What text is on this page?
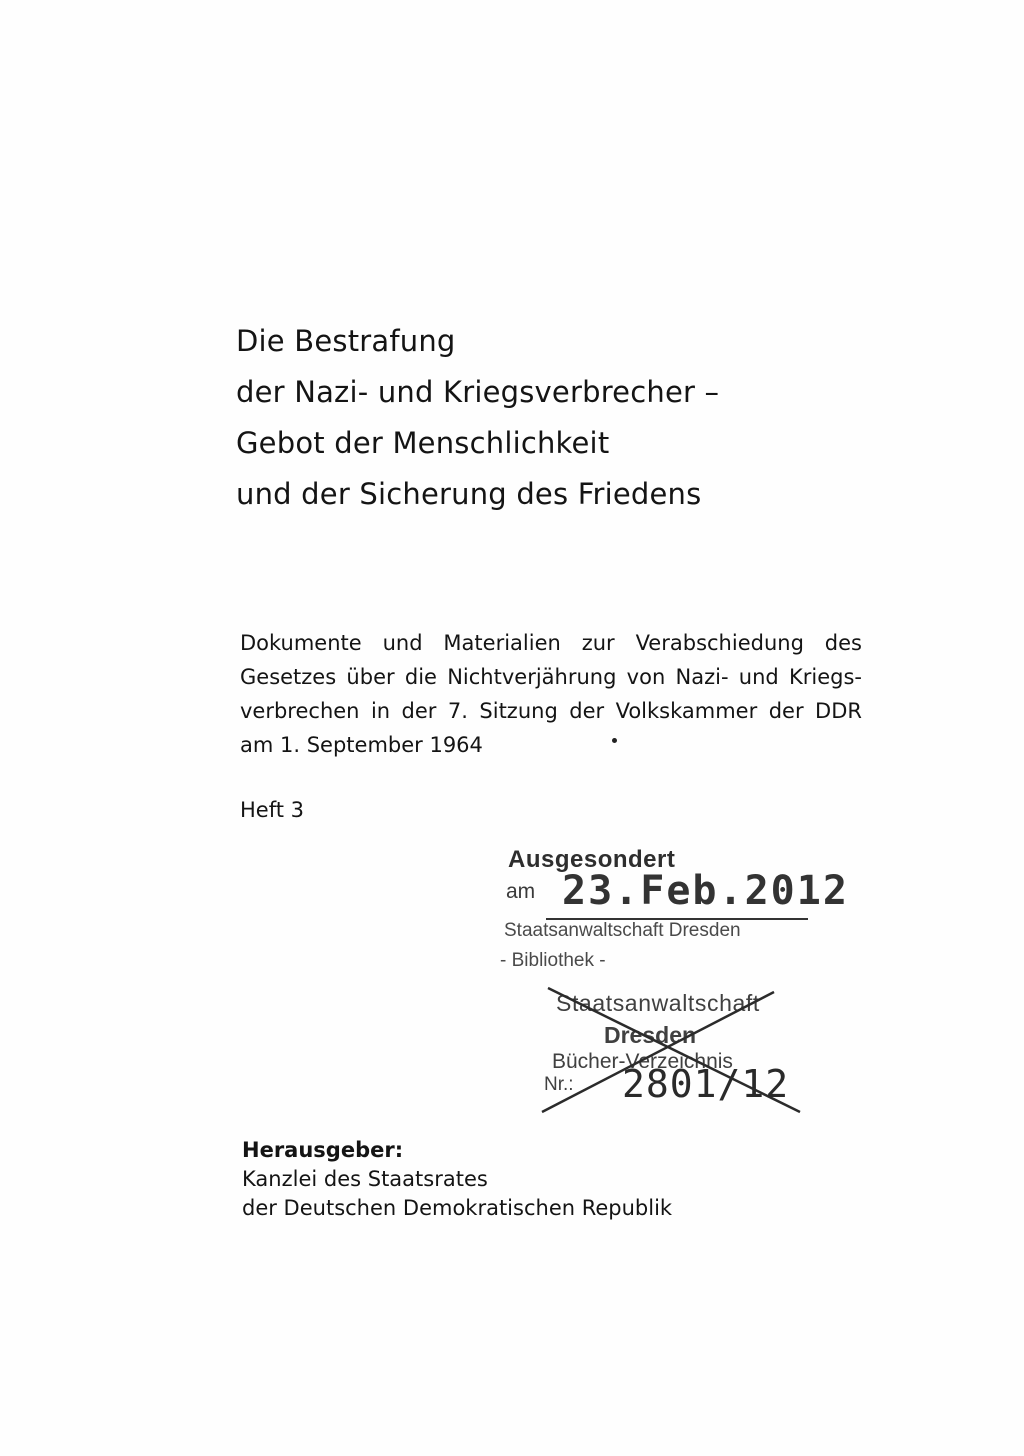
Die Bestrafung
der Nazi- und Kriegsverbrecher –
Gebot der Menschlichkeit
und der Sicherung des Friedens
Dokumente und Materialien zur Verabschiedung des
Gesetzes über die Nichtverjährung von Nazi- und Kriegs-
verbrechen in der 7. Sitzung der Volkskammer der DDR
am 1. September 1964
Heft 3
Ausgesondert
am 23.Feb.2012
Staatsanwaltschaft Dresden
- Bibliothek -
Staatsanwaltschaft
Dresden
Bücher-Verzeichnis
Nr.: 2801/12
Herausgeber:
Kanzlei des Staatsrates
der Deutschen Demokratischen Republik
